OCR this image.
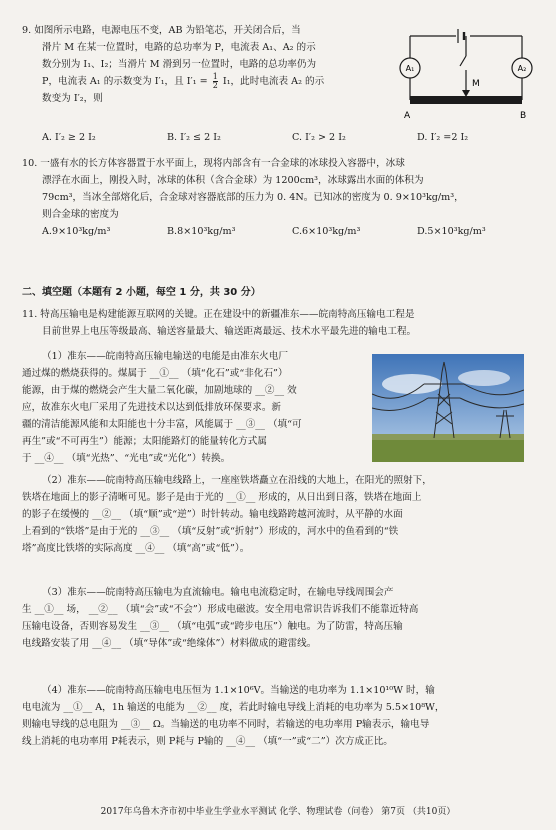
9. 如图所示电路，电源电压不变，AB 为铅笔芯，开关闭合后，当

滑片 M 在某一位置时，电路的总功率为 P，电流表 A₁、A₂ 的示

数分别为 I₁、I₂；当滑片 M 滑到另一位置时，电路的总功率仍为

P，电流表 A₁ 的示数变为 I′₁，且 $I'_1 = \frac{1}{2} I_1$，此时电流表 A₂ 的示

数变为 I′₂，则

A. I′₂ ≥ 2 I₂	B. I′₂ ≤ 2 I₂	C. I′₂ > 2 I₂	D. I′₂ =2 I₂
A₁	A₂
M
A	B

10. 一盛有水的长方体容器置于水平面上，现将内部含有一合金球的冰球投入容器中，冰球

漂浮在水面上，刚投入时，冰球的体积（含合金球）为 1200cm³，冰球露出水面的体积为

79cm³，当冰全部熔化后，合金球对容器底部的压力为 0. 4N。已知冰的密度为 0. 9×10³kg/m³，

则合金球的密度为

A.9×10³kg/m³	B.8×10³kg/m³	C.6×10³kg/m³	D.5×10³kg/m³

二、填空题（本题有 2 小题，每空 1 分，共 30 分）

11. 特高压输电是构建能源互联网的关键。正在建设中的新疆准东——皖南特高压输电工程是

目前世界上电压等级最高、输送容量最大、输送距离最远、技术水平最先进的输电工程。

（1）准东——皖南特高压输电输送的电能是由准东火电厂

通过煤的燃烧获得的。煤属于 __①__ （填“化石”或“非化石”）

能源，由于煤的燃烧会产生大量二氧化碳，加剧地球的 __②__ 效

应，故准东火电厂采用了先进技术以达到低排放环保要求。新

疆的清洁能源风能和太阳能也十分丰富，风能属于 __③__ （填“可

再生”或“不可再生”）能源；太阳能路灯的能量转化方式属

于 __④__ （填“光热”、“光电”或“光化”）转换。

（2）准东——皖南特高压输电线路上，一座座铁塔矗立在沿线的大地上，在阳光的照射下，

铁塔在地面上的影子清晰可见。影子是由于光的 __①__ 形成的，从日出到日落，铁塔在地面上

的影子在缓慢的 __②__ （填“顺”或“逆”）时针转动。输电线路跨越河流时，从平静的水面

上看到的“铁塔”是由于光的 __③__ （填“反射”或“折射”）形成的，河水中的鱼看到的“铁

塔”高度比铁塔的实际高度 __④__ （填“高”或“低”）。

（3）准东——皖南特高压输电为直流输电。输电电流稳定时，在输电导线周围会产

生 __①__ 场， __②__ （填“会”或“不会”）形成电磁波。安全用电常识告诉我们不能靠近特高

压输电设备，否则容易发生 __③__ （填“电弧”或“跨步电压”）触电。为了防雷，特高压输

电线路安装了用 __④__ （填“导体”或“绝缘体”）材料做成的避雷线。

（4）准东——皖南特高压输电电压恒为 1.1×10⁶V。当输送的电功率为 1.1×10¹⁰W 时，输

电电流为 __①__ A，1h 输送的电能为 __②__ 度，若此时输电导线上消耗的电功率为 5.5×10⁸W，

则输电导线的总电阻为 __③__ Ω。当输送的电功率不同时，若输送的电功率用 P输表示，输电导

线上消耗的电功率用 P耗表示，则 P耗与 P输的 __④__ （填“一”或“二”）次方成正比。

2017年乌鲁木齐市初中毕业生学业水平测试 化学、物理试卷（问卷） 第7页 （共10页）
